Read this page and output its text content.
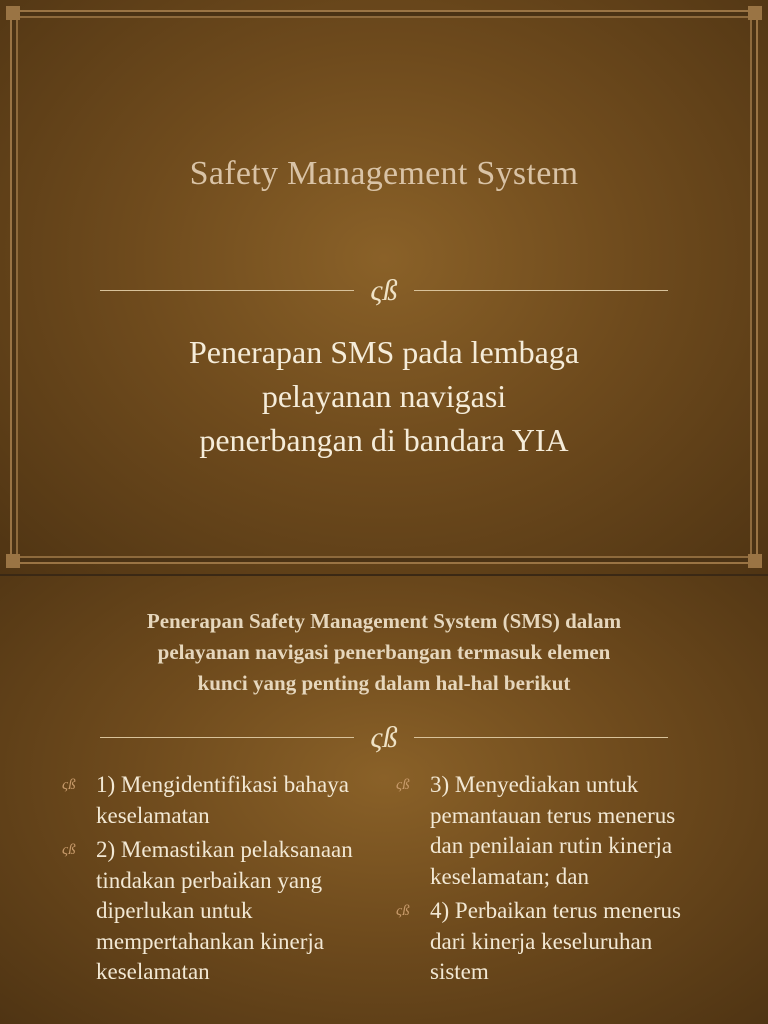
Safety Management System
ςß
Penerapan SMS pada lembaga
pelayanan navigasi
penerbangan di bandara YIA
Penerapan Safety Management System (SMS) dalam
pelayanan navigasi penerbangan termasuk elemen
kunci yang penting dalam hal-hal berikut
ςß
ςß 1) Mengidentifikasi bahaya keselamatan
ςß 2) Memastikan pelaksanaan tindakan perbaikan yang diperlukan untuk mempertahankan kinerja keselamatan
ςß 3) Menyediakan untuk pemantauan terus menerus dan penilaian rutin kinerja keselamatan; dan
ςß 4) Perbaikan terus menerus dari kinerja keseluruhan sistem
